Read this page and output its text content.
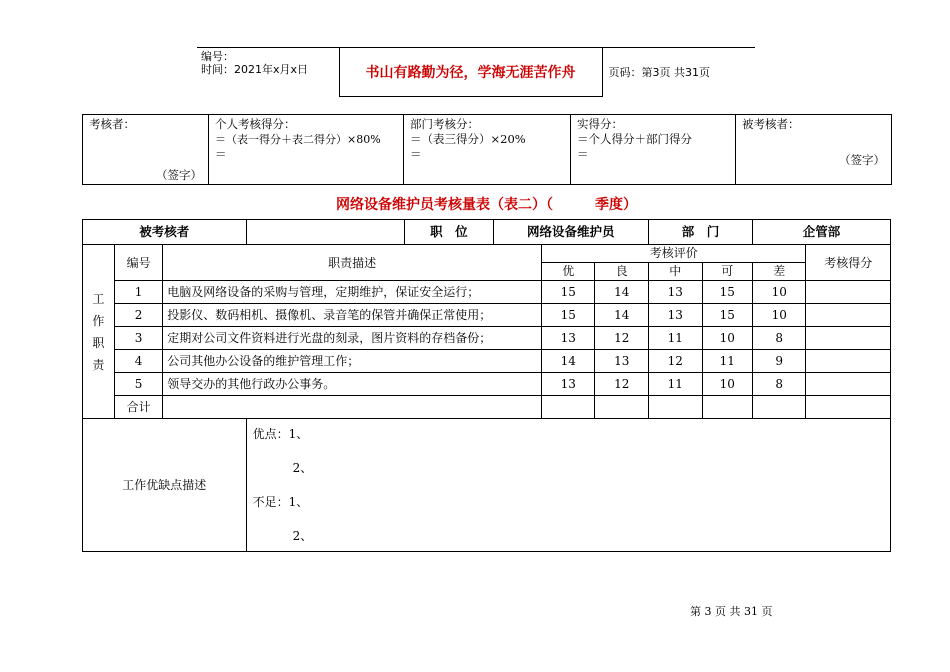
编号：
时间：2021年x月x日	书山有路勤为径，学海无涯苦作舟	页码：第3页 共31页
考核者：
（签字）

个人考核得分：
＝（表一得分＋表二得分）×80%
＝

部门考核分：
＝（表三得分）×20%
＝

实得分：
＝个人得分＋部门得分
＝

被考核者：
（签字）
网络设备维护员考核量表（表二）（　　　季度）
被考核者				职　位	网络设备维护员			部　门		企管部	
工作职责	编号	职责描述				考核评价					考核得分
						优	良	中	可	差	
	1	电脑及网络设备的采购与管理，定期维护，保证安全运行；				15	14	13	15	10	
	2	投影仪、数码相机、摄像机、录音笔的保管并确保正常使用；				15	14	13	15	10	
	3	定期对公司文件资料进行光盘的刻录，图片资料的存档备份；				13	12	11	10	8	
	4	公司其他办公设备的维护管理工作；				14	13	12	11	9	
	5	领导交办的其他行政办公事务。				13	12	11	10	8	
	合计										
工作优缺点描述			优点：1、
2、
不足：1、
2、								
第 3 页 共 31 页
